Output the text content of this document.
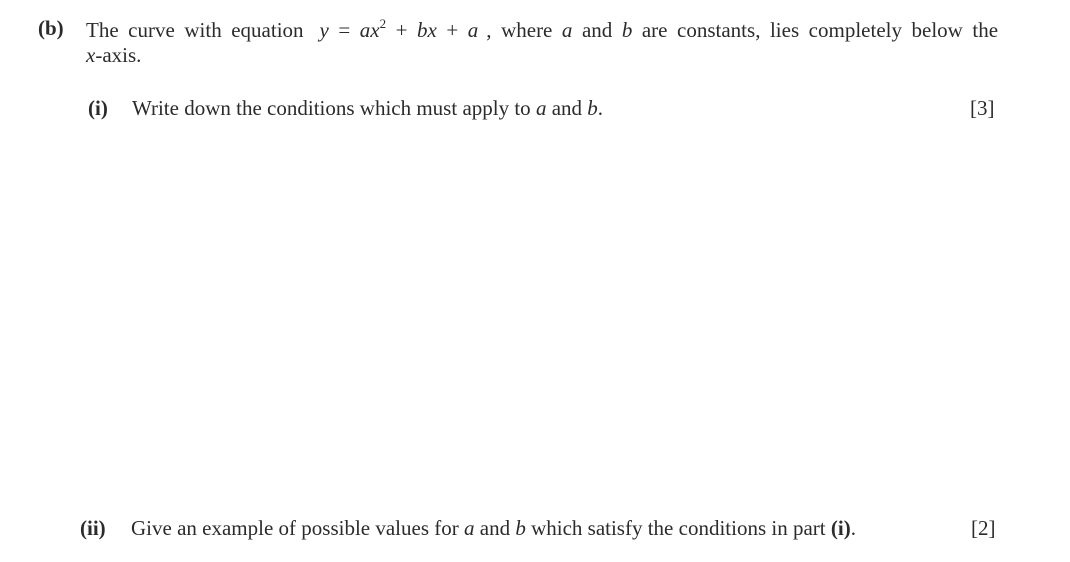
(b) The curve with equation $y = ax^2$ + bx + a , where a and b are constants, lies completely below the
x-axis.
(i) Write down the conditions which must apply to a and b.	[3]
(ii) Give an example of possible values for a and b which satisfy the conditions in part (i).	[2]
